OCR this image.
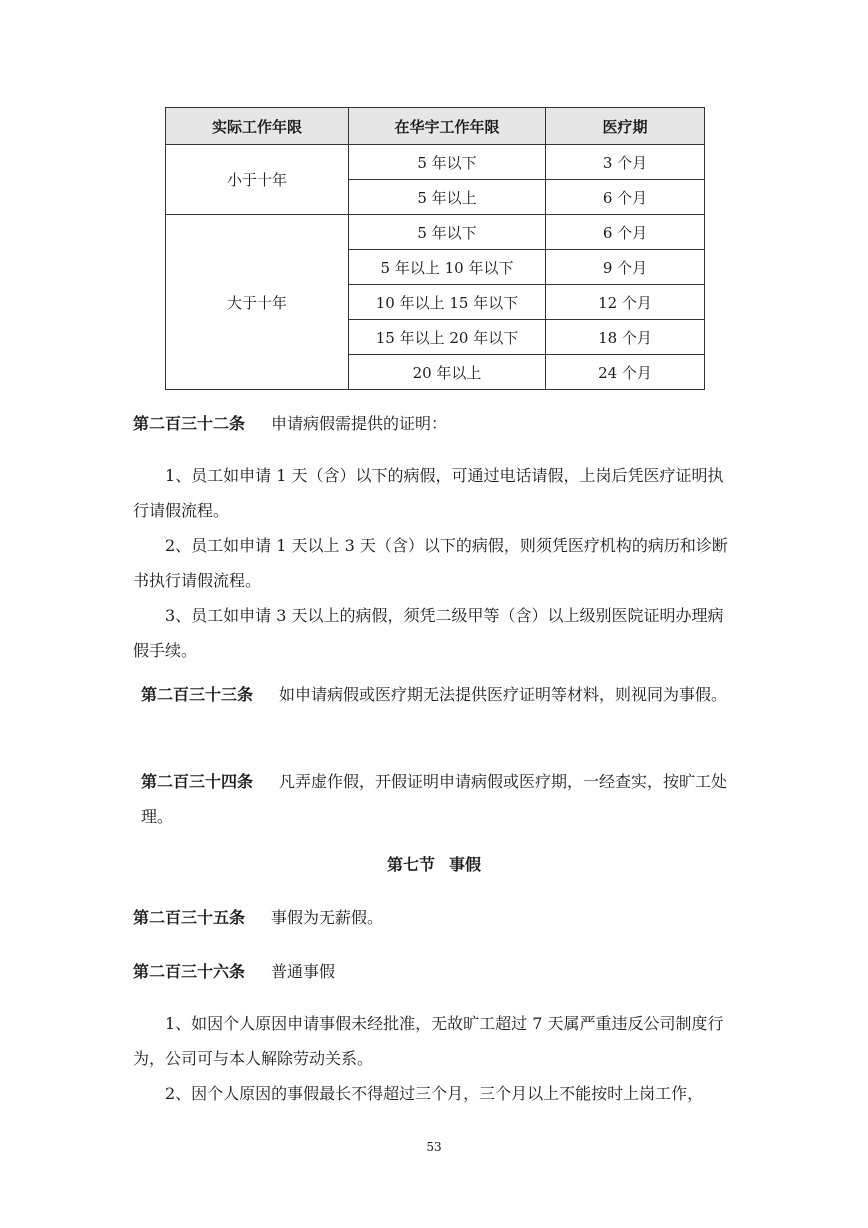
实际工作年限	在华宇工作年限	医疗期
小于十年	5 年以下	3 个月
	5 年以上	6 个月
大于十年	5 年以下	6 个月
	5 年以上 10 年以下	9 个月
	10 年以上 15 年以下	12 个月
	15 年以上 20 年以下	18 个月
	20 年以上	24 个月
第二百三十二条 申请病假需提供的证明：

1、员工如申请 1 天（含）以下的病假，可通过电话请假，上岗后凭医疗证明执行请假流程。

2、员工如申请 1 天以上 3 天（含）以下的病假，则须凭医疗机构的病历和诊断书执行请假流程。

3、员工如申请 3 天以上的病假，须凭二级甲等（含）以上级别医院证明办理病假手续。

第二百三十三条 如申请病假或医疗期无法提供医疗证明等材料，则视同为事假。
第二百三十四条 凡弄虚作假，开假证明申请病假或医疗期，一经查实，按旷工处理。
第七节 事假
第二百三十五条 事假为无薪假。
第二百三十六条 普通事假

1、如因个人原因申请事假未经批准，无故旷工超过 7 天属严重违反公司制度行为，公司可与本人解除劳动关系。

2、因个人原因的事假最长不得超过三个月，三个月以上不能按时上岗工作，

53
